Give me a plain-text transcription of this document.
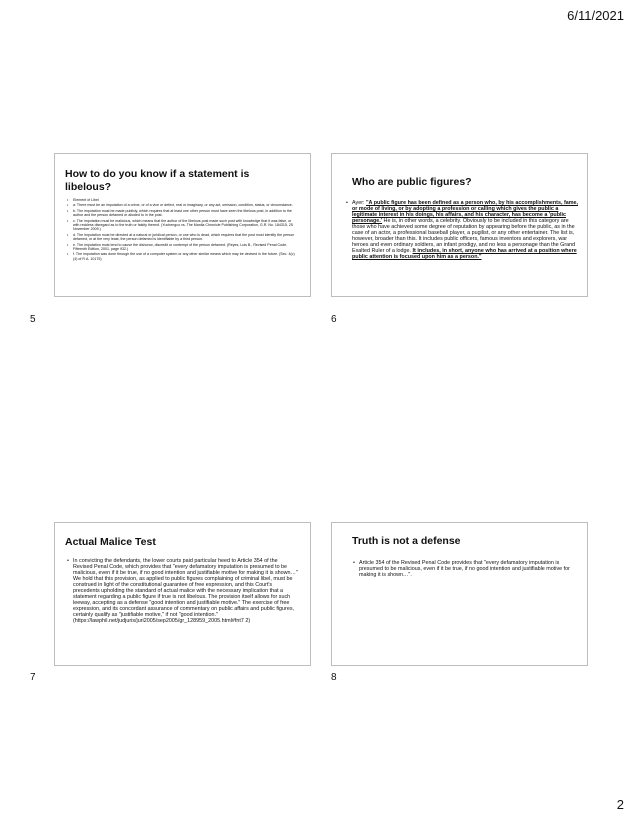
6/11/2021
How to do you know if a statement is libelous?
• Element of Libel
• a. There must be an imputation of a crime, or of a vice or defect, real or imaginary, or any act, omission, condition, status, or circumstance.
• b. The imputation must be made publicly, which requires that at least one other person must have seen the libelous post, in addition to the author and the person defamed or alluded to in the post.
• c. The imputation must be malicious, which means that the author of the libelous post made such post with knowledge that it was false, or with reckless disregard as to the truth or falsity thereof. (Yuchengco vs. The Manila Chronicle Publishing Corporation, G.R. No. 184315, 25 November 2009.)
• d. The imputation must be directed at a natural or juridical person, or one who is dead, which requires that the post must identify the person defamed, or at the very least, the person defamed is identifiable by a third person.
• e. The imputation must tend to cause the dishonor, discredit or contempt of the person defamed. (Reyes, Luis B., Revised Penal Code, Fifteenth Edition, 2001, page 932.)
• f. The imputation was done through the use of a computer system or any other similar means which may be devised in the future. (Sec. 4(c)(4) of R.A. 10175)
5
Who are public figures?
• Ayer: "A public figure has been defined as a person who, by his accomplishments, fame, or mode of living, or by adopting a profession or calling which gives the public a legitimate interest in his doings, his affairs, and his character, has become a 'public personage.' He is, in other words, a celebrity. Obviously to be included in this category are those who have achieved some degree of reputation by appearing before the public, as in the case of an actor, a professional baseball player, a pugilist, or any other entertainer. The list is, however, broader than this. It includes public officers, famous inventors and explorers, war heroes and even ordinary soldiers, an infant prodigy, and no less a personage than the Grand Exalted Ruler of a lodge. It includes, in short, anyone who has arrived at a position where public attention is focused upon him as a person."
6
Actual Malice Test
• In convicting the defendants, the lower courts paid particular heed to Article 354 of the Revised Penal Code, which provides that "every defamatory imputation is presumed to be malicious, even if it be true, if no good intention and justifiable motive for making it is shown…" We hold that this provision, as applied to public figures complaining of criminal libel, must be construed in light of the constitutional guarantee of free expression, and this Court's precedents upholding the standard of actual malice with the necessary implication that a statement regarding a public figure if true is not libelous. The provision itself allows for such leeway, accepting as a defense "good intention and justifiable motive." The exercise of free expression, and its concordant assurance of commentary on public affairs and public figures, certainly qualify as "justifiable motive," if not "good intention."
(https://lawphil.net/judjuris/juri2005/sep2005/gr_128959_2005.html#fnt7 2)
7
Truth is not a defense
• Article 354 of the Revised Penal Code provides that "every defamatory imputation is presumed to be malicious, even if it be true, if no good intention and justifiable motive for making it is shown…".
8
2
